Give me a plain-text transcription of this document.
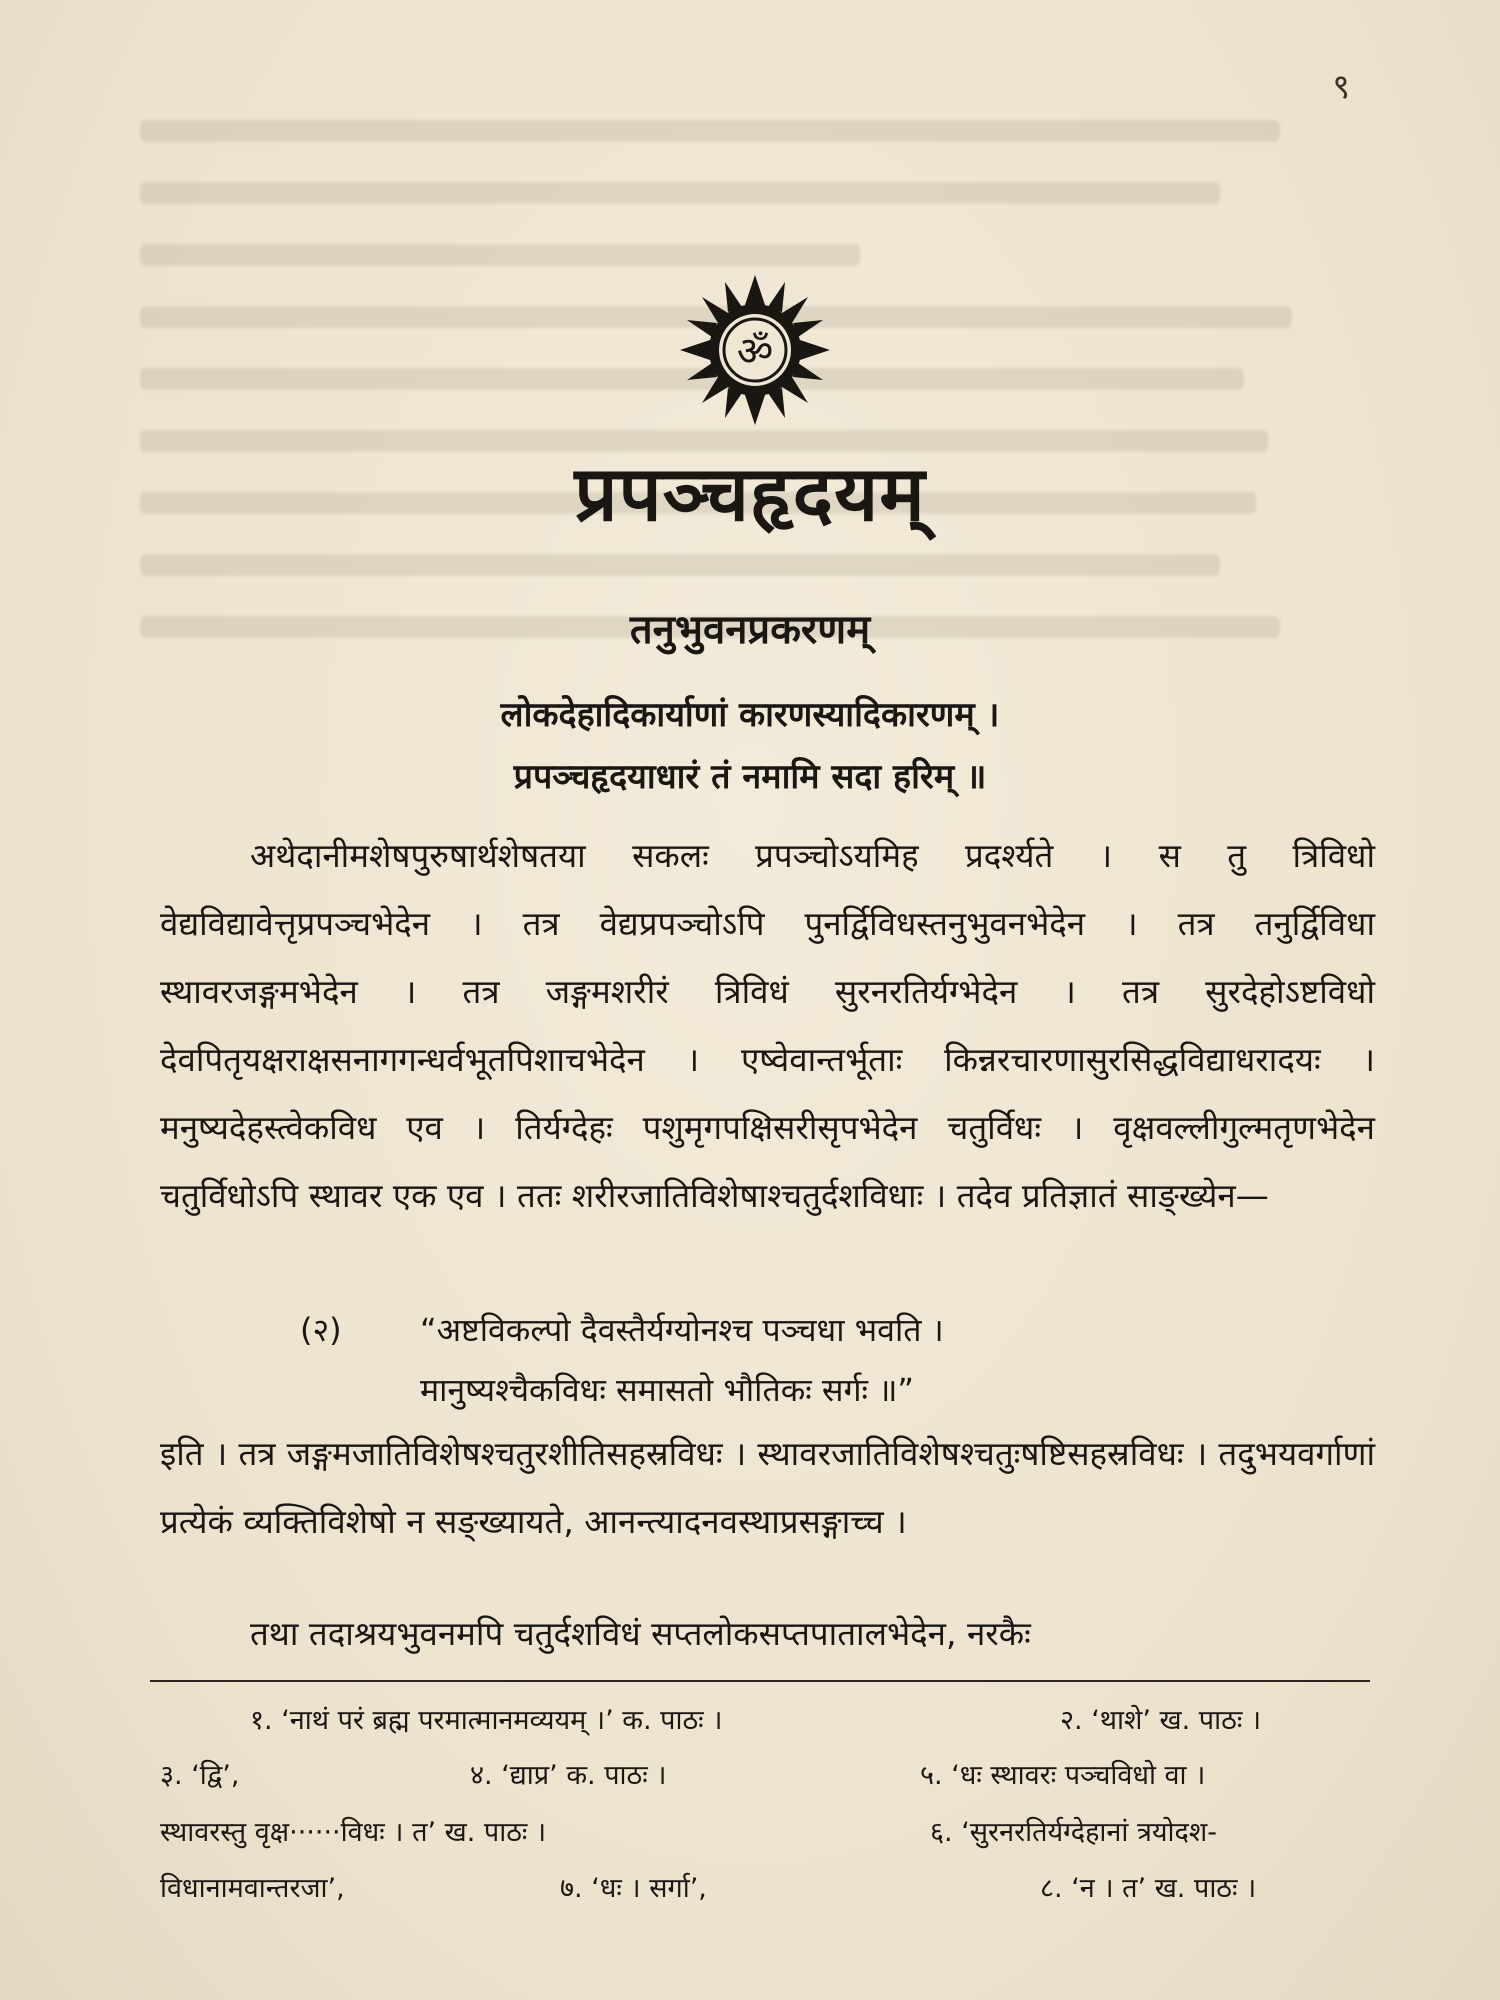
९
ॐ
प्रपञ्चहृदयम्
तनुभुवनप्रकरणम्
लोकदेहादिकार्याणां कारणस्यादिकारणम् ।
प्रपञ्चहृदयाधारं तं नमामि सदा हरिम् ॥
अथेदानीमशेषपुरुषार्थशेषतया सकलः प्रपञ्चोऽयमिह प्रदर्श्यते । स तु त्रिविधो वेद्यविद्यावेत्तृप्रपञ्चभेदेन । तत्र वेद्यप्रपञ्चोऽपि पुनर्द्विविधस्तनुभुवनभेदेन । तत्र तनुर्द्विविधा स्थावरजङ्गमभेदेन । तत्र जङ्गमशरीरं त्रिविधं सुरनरतिर्यग्भेदेन । तत्र सुरदेहोऽष्टविधो देवपितृयक्षराक्षसनागगन्धर्वभूतपिशाचभेदेन । एष्वेवान्तर्भूताः किन्नरचारणासुरसिद्धविद्याधरादयः । मनुष्यदेहस्त्वेकविध एव । तिर्यग्देहः पशुमृगपक्षिसरीसृपभेदेन चतुर्विधः । वृक्षवल्लीगुल्मतृणभेदेन चतुर्विधोऽपि स्थावर एक एव । ततः शरीरजातिविशेषाश्चतुर्दशविधाः । तदेव प्रतिज्ञातं साङ्ख्येन—
(२) “अष्टविकल्पो दैवस्तैर्यग्योनश्च पञ्चधा भवति ।
मानुष्यश्चैकविधः समासतो भौतिकः सर्गः ॥”
इति । तत्र जङ्गमजातिविशेषश्चतुरशीतिसहस्रविधः । स्थावरजातिविशेषश्चतुःषष्टिसहस्रविधः । तदुभयवर्गाणां प्रत्येकं व्यक्तिविशेषो न सङ्ख्यायते, आनन्त्यादनवस्थाप्रसङ्गाच्च ।
तथा तदाश्रयभुवनमपि चतुर्दशविधं सप्तलोकसप्तपातालभेदेन, नरकैः
१. ‘नाथं परं ब्रह्म परमात्मानमव्ययम् ।’ क. पाठः ।	२. ‘थाशे’ ख. पाठः ।
३. ‘द्वि’,	४. ‘द्याप्र’ क. पाठः ।	५. ‘धः स्थावरः पञ्चविधो वा ।
स्थावरस्तु वृक्ष······विधः । त’ ख. पाठः ।	६. ‘सुरनरतिर्यग्देहानां त्रयोदश-
विधानामवान्तरजा’,	७. ‘धः । सर्गा’,	८. ‘न । त’ ख. पाठः ।
